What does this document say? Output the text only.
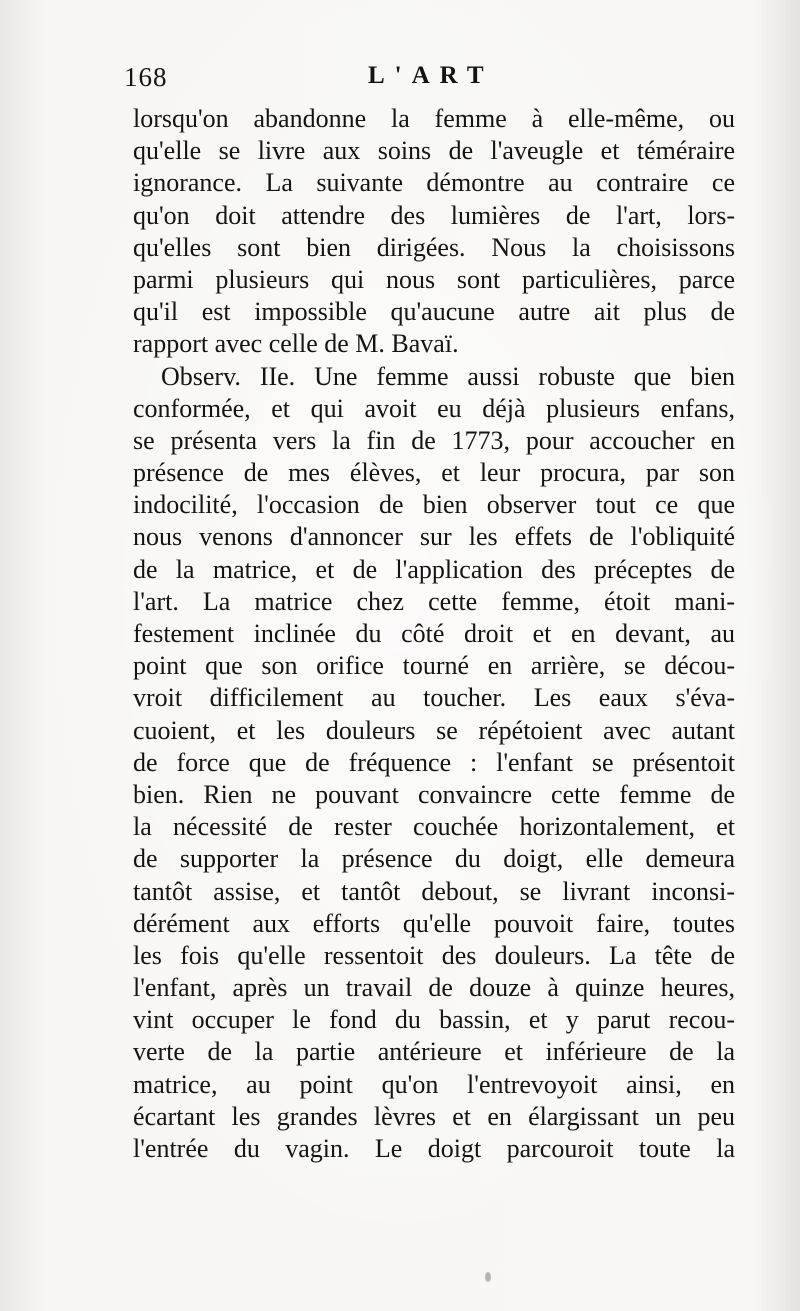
168	L'ART
lorsqu'on abandonne la femme à elle-même, ou
qu'elle se livre aux soins de l'aveugle et téméraire
ignorance. La suivante démontre au contraire ce
qu'on doit attendre des lumières de l'art, lors-
qu'elles sont bien dirigées. Nous la choisissons
parmi plusieurs qui nous sont particulières, parce
qu'il est impossible qu'aucune autre ait plus de
rapport avec celle de M. Bavaï.
Observ. IIe. Une femme aussi robuste que bien
conformée, et qui avoit eu déjà plusieurs enfans,
se présenta vers la fin de 1773, pour accoucher en
présence de mes élèves, et leur procura, par son
indocilité, l'occasion de bien observer tout ce que
nous venons d'annoncer sur les effets de l'obliquité
de la matrice, et de l'application des préceptes de
l'art. La matrice chez cette femme, étoit mani-
festement inclinée du côté droit et en devant, au
point que son orifice tourné en arrière, se décou-
vroit difficilement au toucher. Les eaux s'éva-
cuoient, et les douleurs se répétoient avec autant
de force que de fréquence : l'enfant se présentoit
bien. Rien ne pouvant convaincre cette femme de
la nécessité de rester couchée horizontalement, et
de supporter la présence du doigt, elle demeura
tantôt assise, et tantôt debout, se livrant inconsi-
dérément aux efforts qu'elle pouvoit faire, toutes
les fois qu'elle ressentoit des douleurs. La tête de
l'enfant, après un travail de douze à quinze heures,
vint occuper le fond du bassin, et y parut recou-
verte de la partie antérieure et inférieure de la
matrice, au point qu'on l'entrevoyoit ainsi, en
écartant les grandes lèvres et en élargissant un peu
l'entrée du vagin. Le doigt parcouroit toute la
